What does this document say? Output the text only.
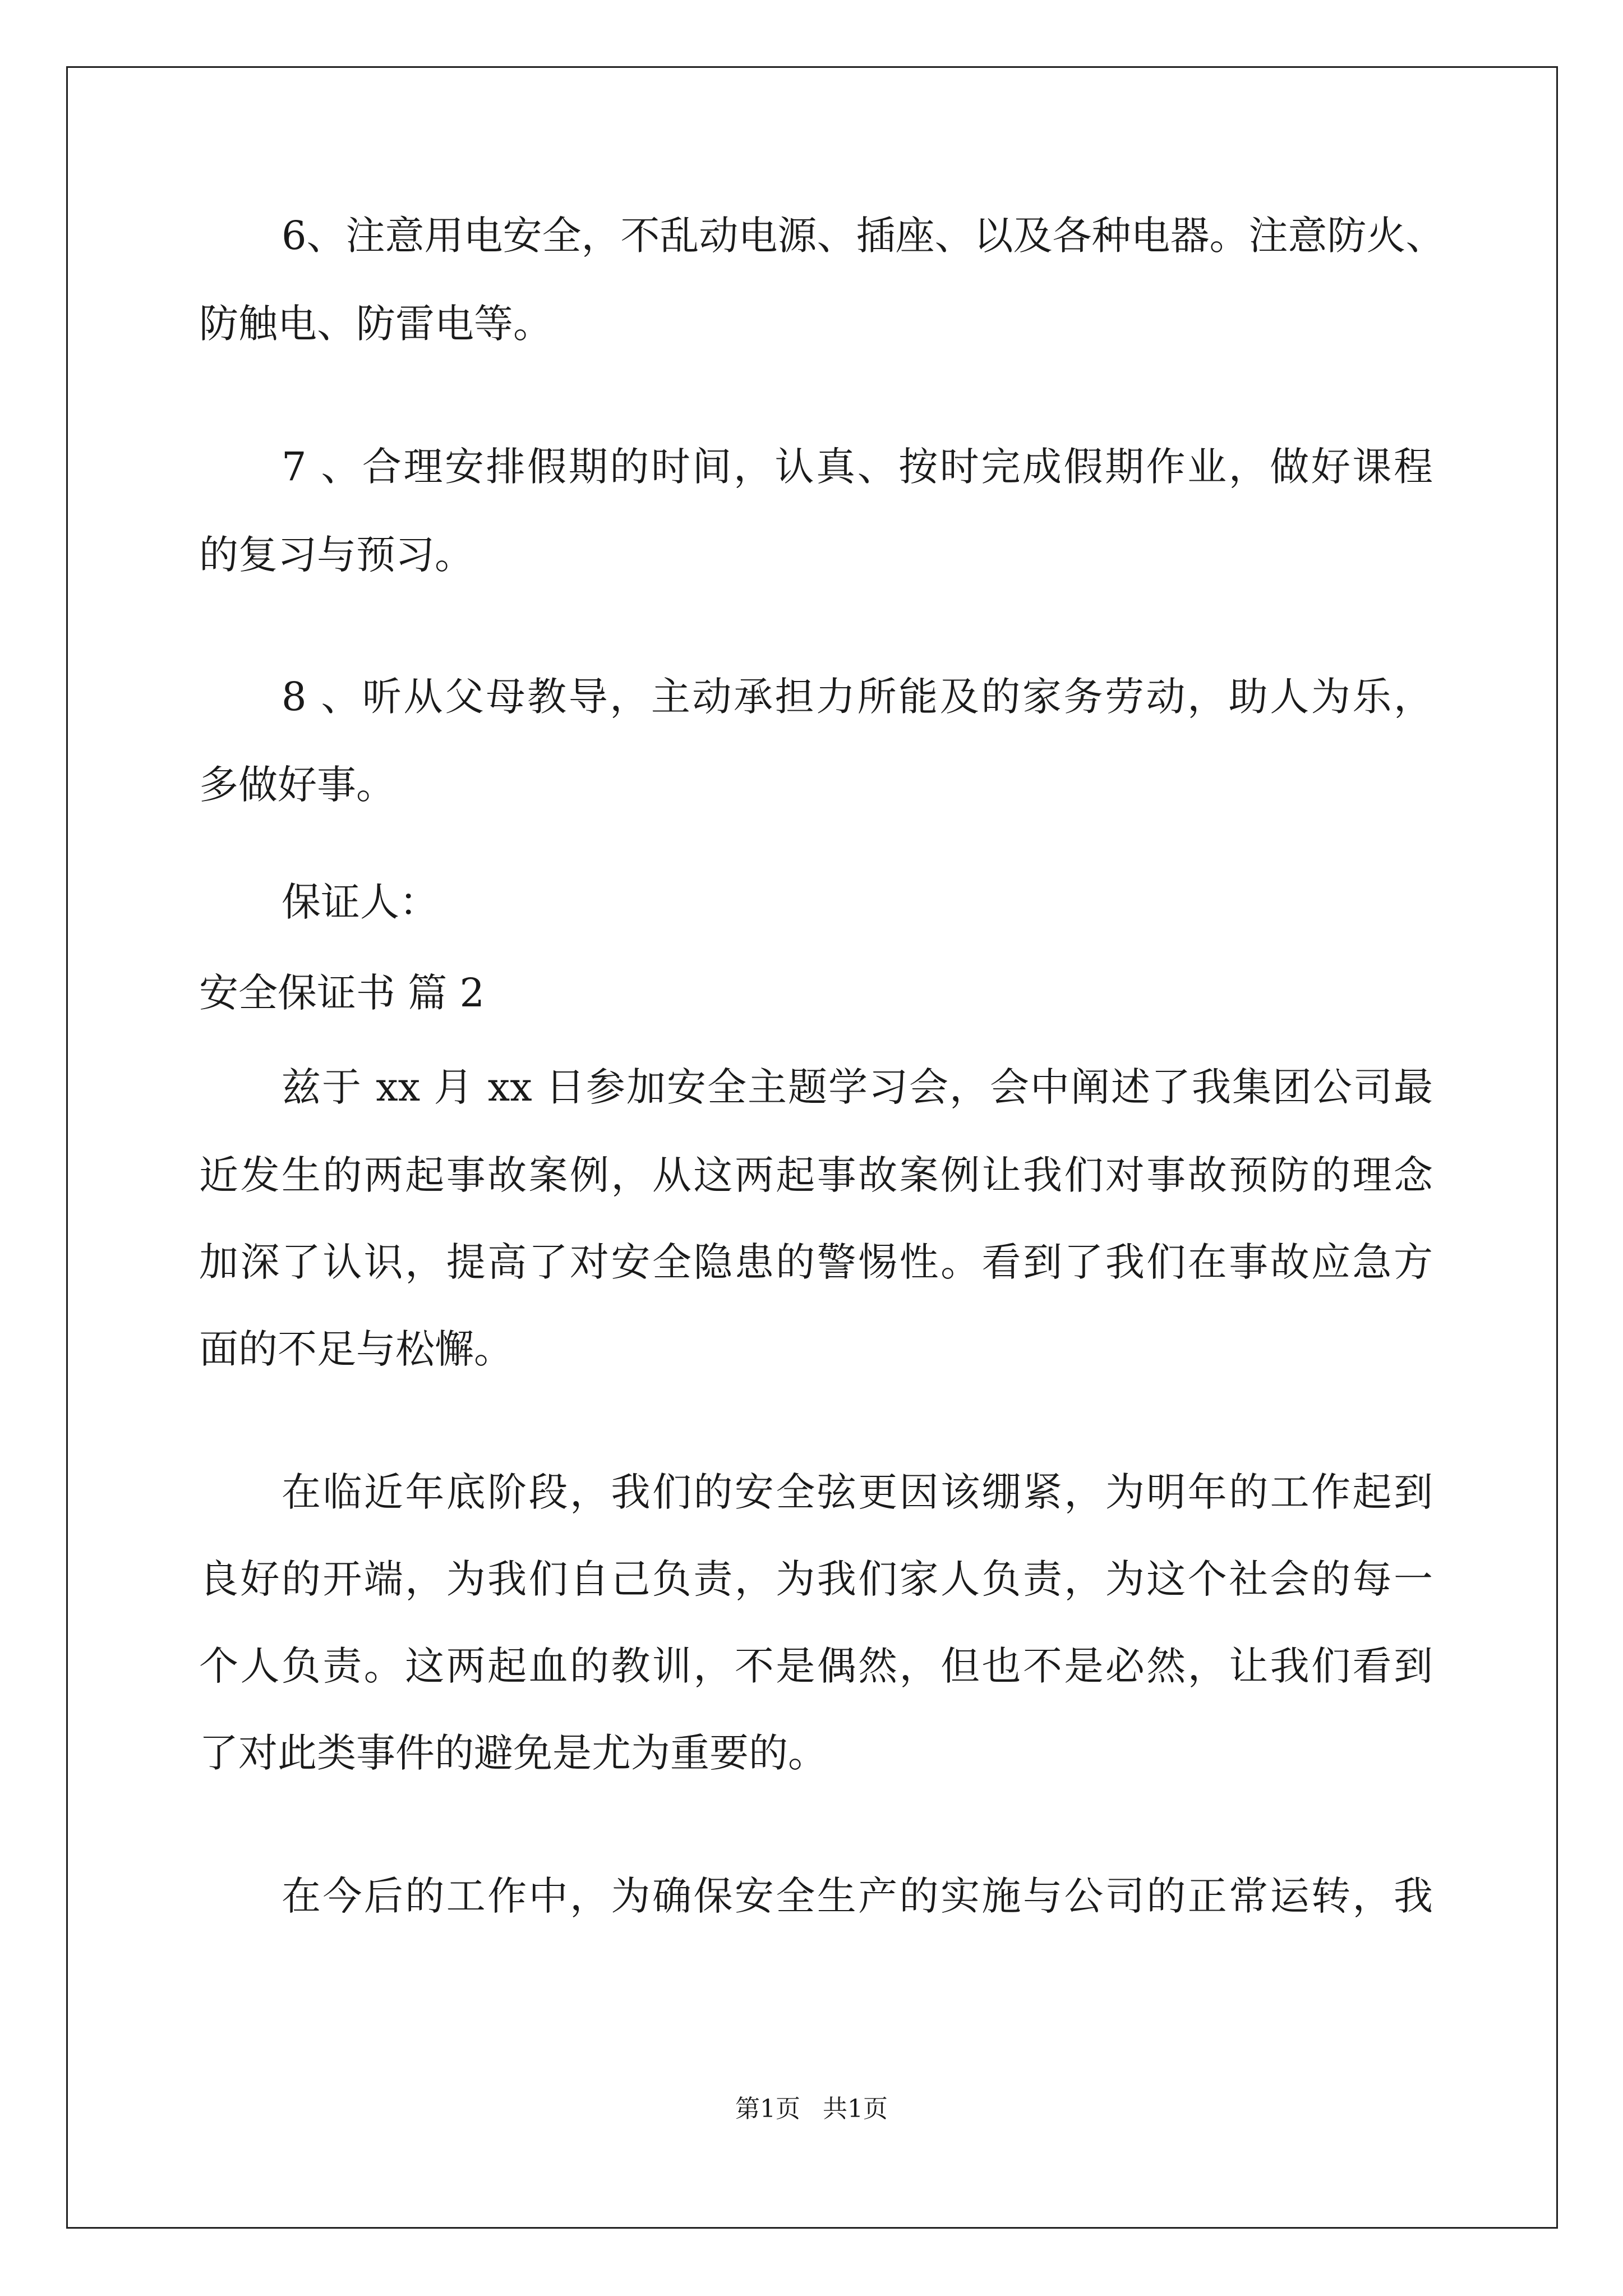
6、注意用电安全，不乱动电源、插座、以及各种电器。注意防火、
防触电、防雷电等。
7 、合理安排假期的时间，认真、按时完成假期作业，做好课程
的复习与预习。
8 、听从父母教导，主动承担力所能及的家务劳动，助人为乐，
多做好事。
保证人：
安全保证书 篇 2
兹于 xx 月 xx 日参加安全主题学习会，会中阐述了我集团公司最
近发生的两起事故案例，从这两起事故案例让我们对事故预防的理念
加深了认识，提高了对安全隐患的警惕性。看到了我们在事故应急方
面的不足与松懈。
在临近年底阶段，我们的安全弦更因该绷紧，为明年的工作起到
良好的开端，为我们自己负责，为我们家人负责，为这个社会的每一
个人负责。这两起血的教训，不是偶然，但也不是必然，让我们看到
了对此类事件的避免是尤为重要的。
在今后的工作中，为确保安全生产的实施与公司的正常运转，我
第1页 共1页
